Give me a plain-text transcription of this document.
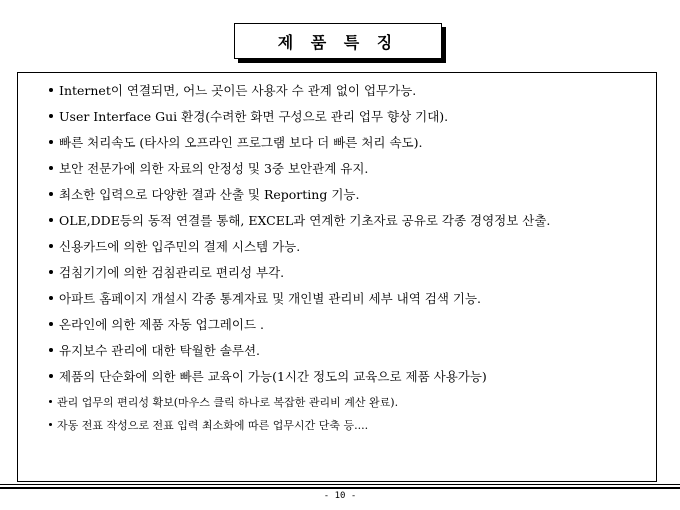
제 품 특 징
Internet이 연결되면, 어느 곳이든 사용자 수 관계 없이 업무가능.
User Interface Gui 환경(수려한 화면 구성으로 관리 업무 향상 기대).
빠른 처리속도 (타사의 오프라인 프로그램 보다 더 빠른 처리 속도).
보안 전문가에 의한 자료의 안정성 및 3중 보안관계 유지.
최소한 입력으로 다양한 결과 산출 및 Reporting 기능.
OLE,DDE등의 동적 연결를 통해, EXCEL과 연계한 기초자료 공유로 각종 경영정보 산출.
신용카드에 의한 입주민의 결제 시스템 가능.
검침기기에 의한 검침관리로 편리성 부각.
아파트 홈페이지 개설시 각종 통계자료 및 개인별 관리비 세부 내역 검색 기능.
온라인에 의한 제품 자동 업그레이드 .
유지보수 관리에 대한 탁월한 솔루션.
제품의 단순화에 의한 빠른 교육이 가능(1시간 정도의 교육으로 제품 사용가능)
관리 업무의 편리성 확보(마우스 클릭 하나로 복잡한 관리비 계산 완료).
자동 전표 작성으로 전표 입력 최소화에 따른 업무시간 단축 등....
- 10 -
